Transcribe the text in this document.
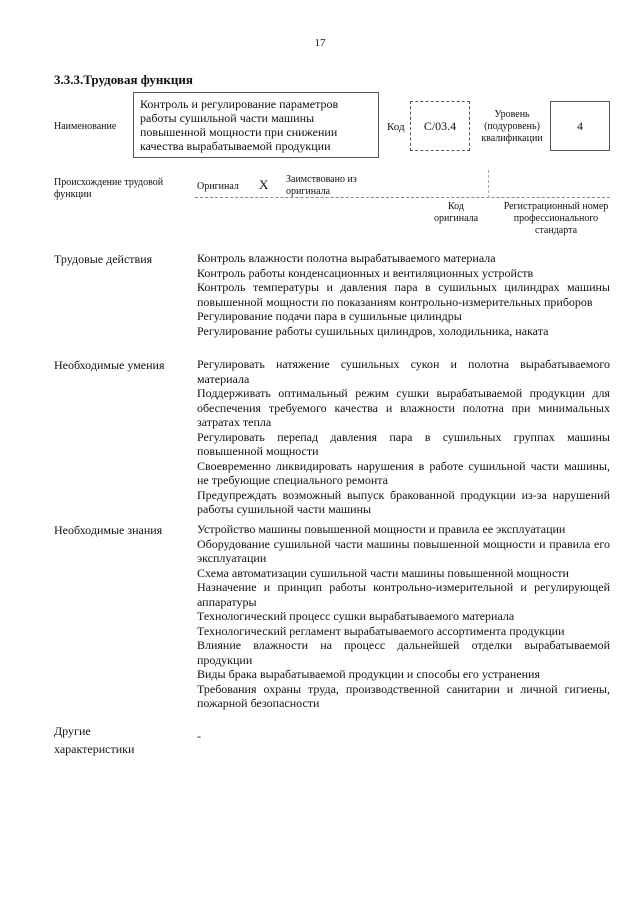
17
3.3.3.Трудовая функция
Наименование
Контроль и регулирование параметров работы сушильной части машины повышенной мощности при снижении качества вырабатываемой продукции
Код С/03.4
Уровень (подуровень) квалификации
4
Происхождение трудовой функции
Оригинал X Заимствовано из оригинала
Код оригинала
Регистрационный номер профессионального стандарта
Трудовые действия	Контроль влажности полотна вырабатываемого материала

Контроль работы конденсационных и вентиляционных устройств

Контроль температуры и давления пара в сушильных цилиндрах машины повышенной мощности по показаниям контрольно-измерительных приборов

Регулирование подачи пара в сушильные цилиндры

Регулирование работы сушильных цилиндров, холодильника, наката

Необходимые умения	Регулировать натяжение сушильных сукон и полотна вырабатываемого материала

Поддерживать оптимальный режим сушки вырабатываемой продукции для обеспечения требуемого качества и влажности полотна при минимальных затратах тепла

Регулировать перепад давления пара в сушильных группах машины повышенной мощности

Своевременно ликвидировать нарушения в работе сушильной части машины, не требующие специального ремонта

Предупреждать возможный выпуск бракованной продукции из-за нарушений работы сушильной части машины

Необходимые знания	Устройство машины повышенной мощности и правила ее эксплуатации

Оборудование сушильной части машины повышенной мощности и правила его эксплуатации

Схема автоматизации сушильной части машины повышенной мощности

Назначение и принцип работы контрольно-измерительной и регулирующей аппаратуры

Технологический процесс сушки вырабатываемого материала

Технологический регламент вырабатываемого ассортимента продукции

Влияние влажности на процесс дальнейшей отделки вырабатываемой продукции

Виды брака вырабатываемой продукции и способы его устранения

Требования охраны труда, производственной санитарии и личной гигиены, пожарной безопасности

Другие характеристики
-
